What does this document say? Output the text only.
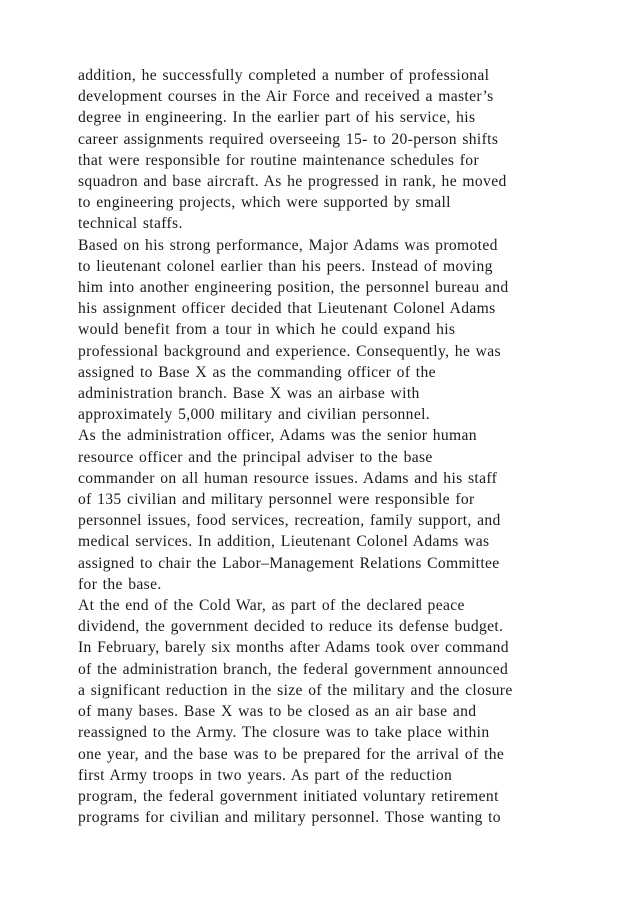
addition, he successfully completed a number of professional
development courses in the Air Force and received a master’s
degree in engineering. In the earlier part of his service, his
career assignments required overseeing 15- to 20-person shifts
that were responsible for routine maintenance schedules for
squadron and base aircraft. As he progressed in rank, he moved
to engineering projects, which were supported by small
technical staffs.
Based on his strong performance, Major Adams was promoted
to lieutenant colonel earlier than his peers. Instead of moving
him into another engineering position, the personnel bureau and
his assignment officer decided that Lieutenant Colonel Adams
would benefit from a tour in which he could expand his
professional background and experience. Consequently, he was
assigned to Base X as the commanding officer of the
administration branch. Base X was an airbase with
approximately 5,000 military and civilian personnel.
As the administration officer, Adams was the senior human
resource officer and the principal adviser to the base
commander on all human resource issues. Adams and his staff
of 135 civilian and military personnel were responsible for
personnel issues, food services, recreation, family support, and
medical services. In addition, Lieutenant Colonel Adams was
assigned to chair the Labor–Management Relations Committee
for the base.
At the end of the Cold War, as part of the declared peace
dividend, the government decided to reduce its defense budget.
In February, barely six months after Adams took over command
of the administration branch, the federal government announced
a significant reduction in the size of the military and the closure
of many bases. Base X was to be closed as an air base and
reassigned to the Army. The closure was to take place within
one year, and the base was to be prepared for the arrival of the
first Army troops in two years. As part of the reduction
program, the federal government initiated voluntary retirement
programs for civilian and military personnel. Those wanting to
